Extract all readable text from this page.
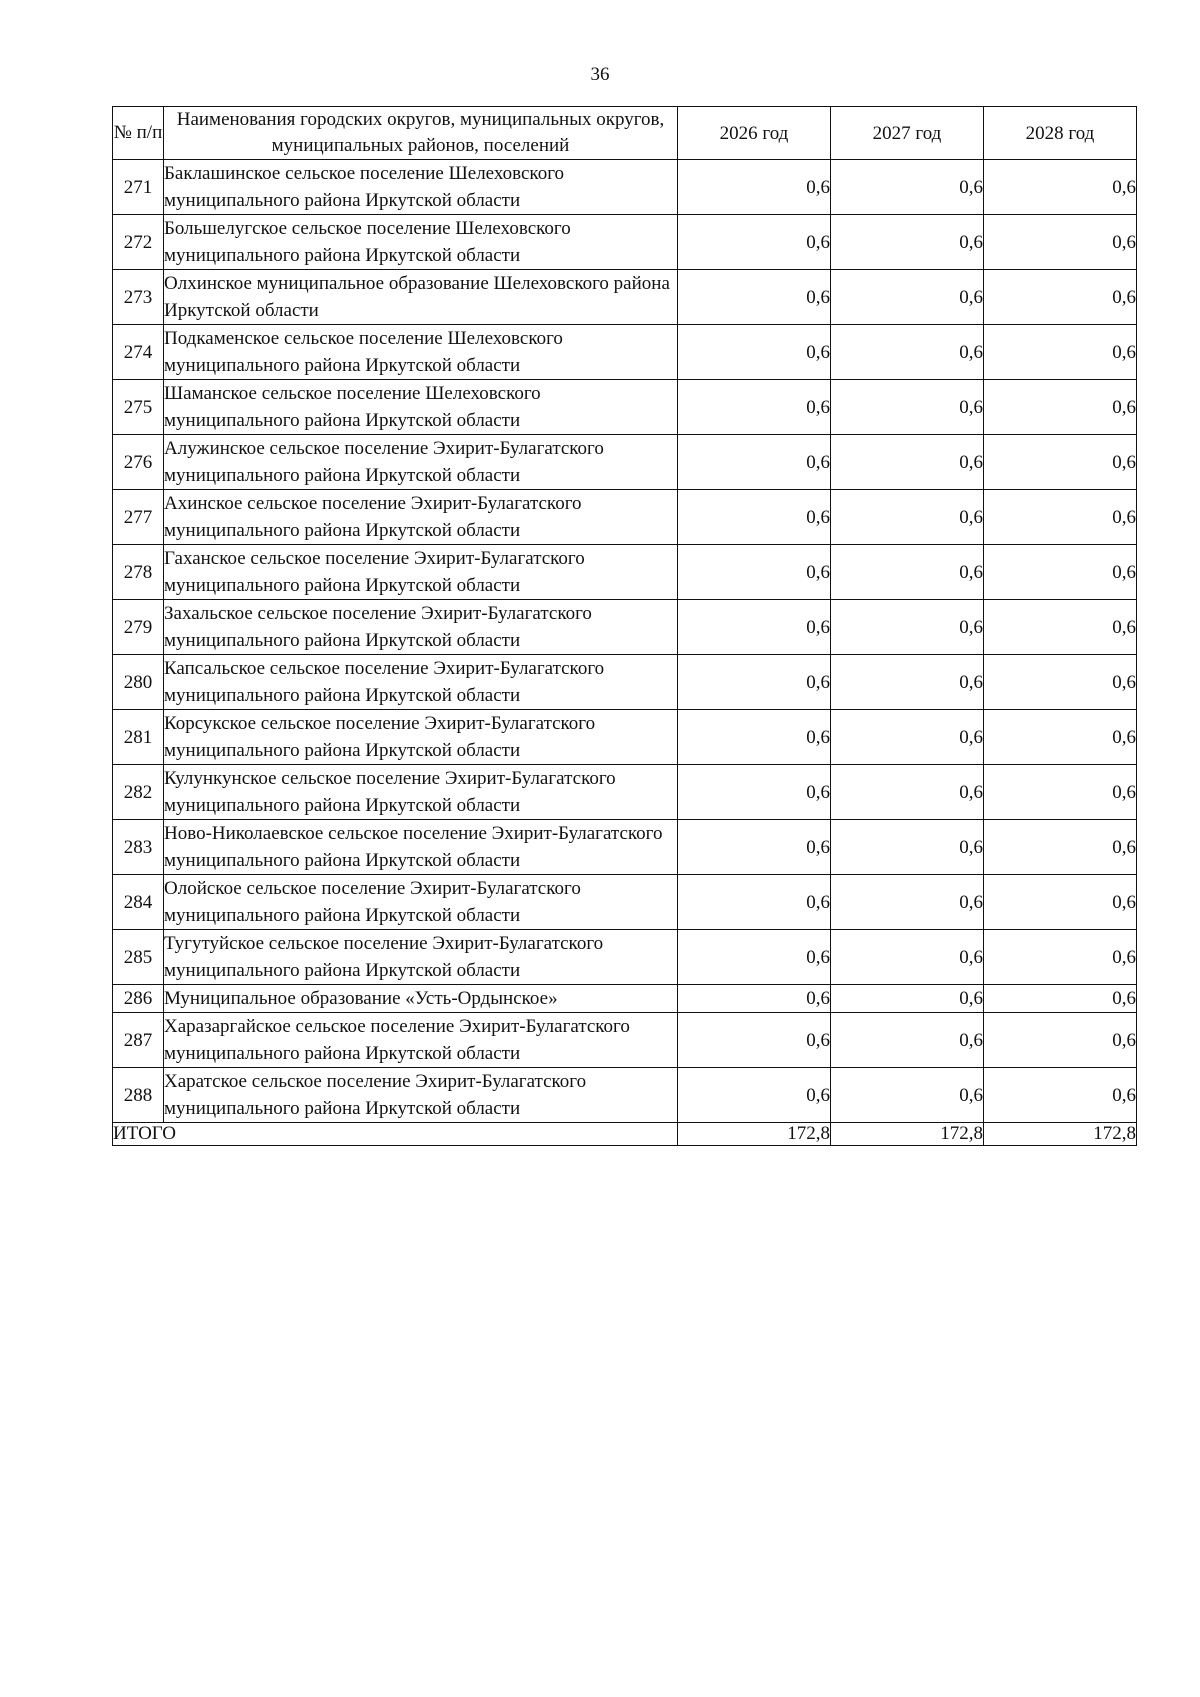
36
№ п/п	Наименования городских округов, муниципальных округов, муниципальных районов, поселений	2026 год	2027 год	2028 год
271	Баклашинское сельское поселение Шелеховского муниципального района Иркутской области	0,6	0,6	0,6
272	Большелугское сельское поселение Шелеховского муниципального района Иркутской области	0,6	0,6	0,6
273	Олхинское муниципальное образование Шелеховского района Иркутской области	0,6	0,6	0,6
274	Подкаменское сельское поселение Шелеховского муниципального района Иркутской области	0,6	0,6	0,6
275	Шаманское сельское поселение Шелеховского муниципального района Иркутской области	0,6	0,6	0,6
276	Алужинское сельское поселение Эхирит-Булагатского муниципального района Иркутской области	0,6	0,6	0,6
277	Ахинское сельское поселение Эхирит-Булагатского муниципального района Иркутской области	0,6	0,6	0,6
278	Гаханское сельское поселение Эхирит-Булагатского муниципального района Иркутской области	0,6	0,6	0,6
279	Захальское сельское поселение Эхирит-Булагатского муниципального района Иркутской области	0,6	0,6	0,6
280	Капсальское сельское поселение Эхирит-Булагатского муниципального района Иркутской области	0,6	0,6	0,6
281	Корсукское сельское поселение Эхирит-Булагатского муниципального района Иркутской области	0,6	0,6	0,6
282	Кулункунское сельское поселение Эхирит-Булагатского муниципального района Иркутской области	0,6	0,6	0,6
283	Ново-Николаевское сельское поселение Эхирит-Булагатского муниципального района Иркутской области	0,6	0,6	0,6
284	Олойское сельское поселение Эхирит-Булагатского муниципального района Иркутской области	0,6	0,6	0,6
285	Тугутуйское сельское поселение Эхирит-Булагатского муниципального района Иркутской области	0,6	0,6	0,6
286	Муниципальное образование «Усть-Ордынское»	0,6	0,6	0,6
287	Харазаргайское сельское поселение Эхирит-Булагатского муниципального района Иркутской области	0,6	0,6	0,6
288	Харатское сельское поселение Эхирит-Булагатского муниципального района Иркутской области	0,6	0,6	0,6
ИТОГО		172,8	172,8	172,8
